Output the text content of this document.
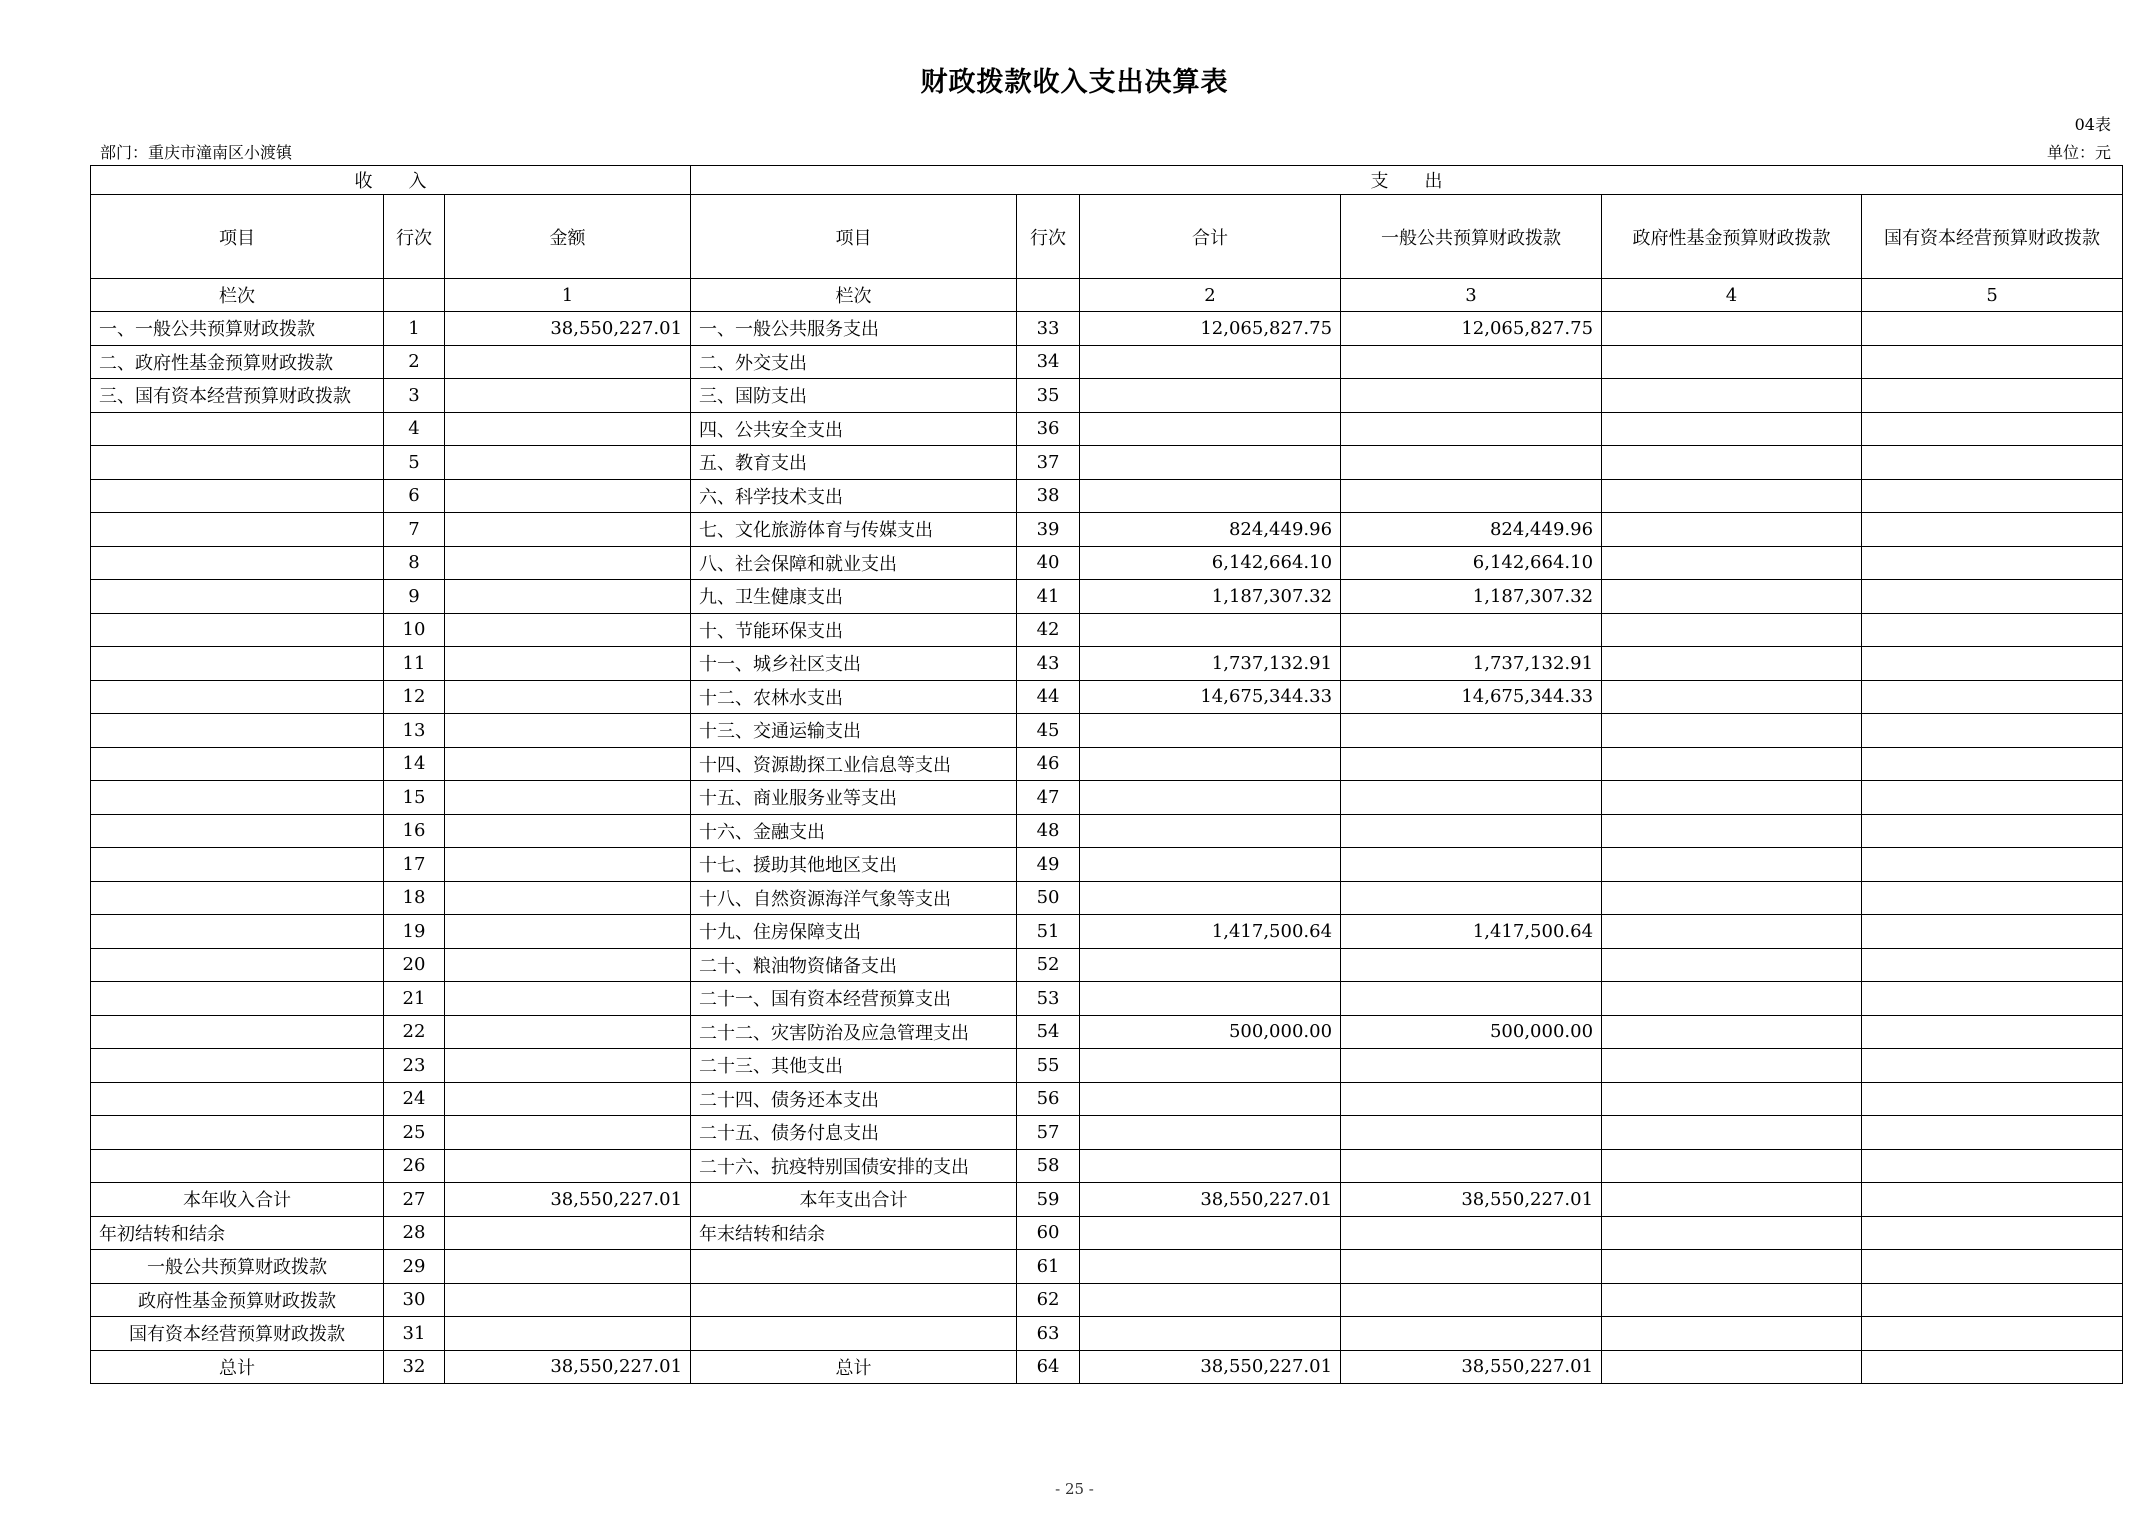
财政拨款收入支出决算表
04表
部门：重庆市潼南区小渡镇	单位：元
收　　入			支　　出					
项目	行次	金额	项目	行次	合计	一般公共预算财政拨款	政府性基金预算财政拨款	国有资本经营预算财政拨款
栏次		1	栏次		2	3	4	5
一、一般公共预算财政拨款	1	38,550,227.01	一、一般公共服务支出	33	12,065,827.75	12,065,827.75		
二、政府性基金预算财政拨款	2		二、外交支出	34				
三、国有资本经营预算财政拨款	3		三、国防支出	35				
	4		四、公共安全支出	36				
	5		五、教育支出	37				
	6		六、科学技术支出	38				
	7		七、文化旅游体育与传媒支出	39	824,449.96	824,449.96		
	8		八、社会保障和就业支出	40	6,142,664.10	6,142,664.10		
	9		九、卫生健康支出	41	1,187,307.32	1,187,307.32		
	10		十、节能环保支出	42				
	11		十一、城乡社区支出	43	1,737,132.91	1,737,132.91		
	12		十二、农林水支出	44	14,675,344.33	14,675,344.33		
	13		十三、交通运输支出	45				
	14		十四、资源勘探工业信息等支出	46				
	15		十五、商业服务业等支出	47				
	16		十六、金融支出	48				
	17		十七、援助其他地区支出	49				
	18		十八、自然资源海洋气象等支出	50				
	19		十九、住房保障支出	51	1,417,500.64	1,417,500.64		
	20		二十、粮油物资储备支出	52				
	21		二十一、国有资本经营预算支出	53				
	22		二十二、灾害防治及应急管理支出	54	500,000.00	500,000.00		
	23		二十三、其他支出	55				
	24		二十四、债务还本支出	56				
	25		二十五、债务付息支出	57				
	26		二十六、抗疫特别国债安排的支出	58				
本年收入合计	27	38,550,227.01	本年支出合计	59	38,550,227.01	38,550,227.01		
年初结转和结余	28		年末结转和结余	60				
一般公共预算财政拨款	29			61				
政府性基金预算财政拨款	30			62				
国有资本经营预算财政拨款	31			63				
总计	32	38,550,227.01	总计	64	38,550,227.01	38,550,227.01		
- 25 -
